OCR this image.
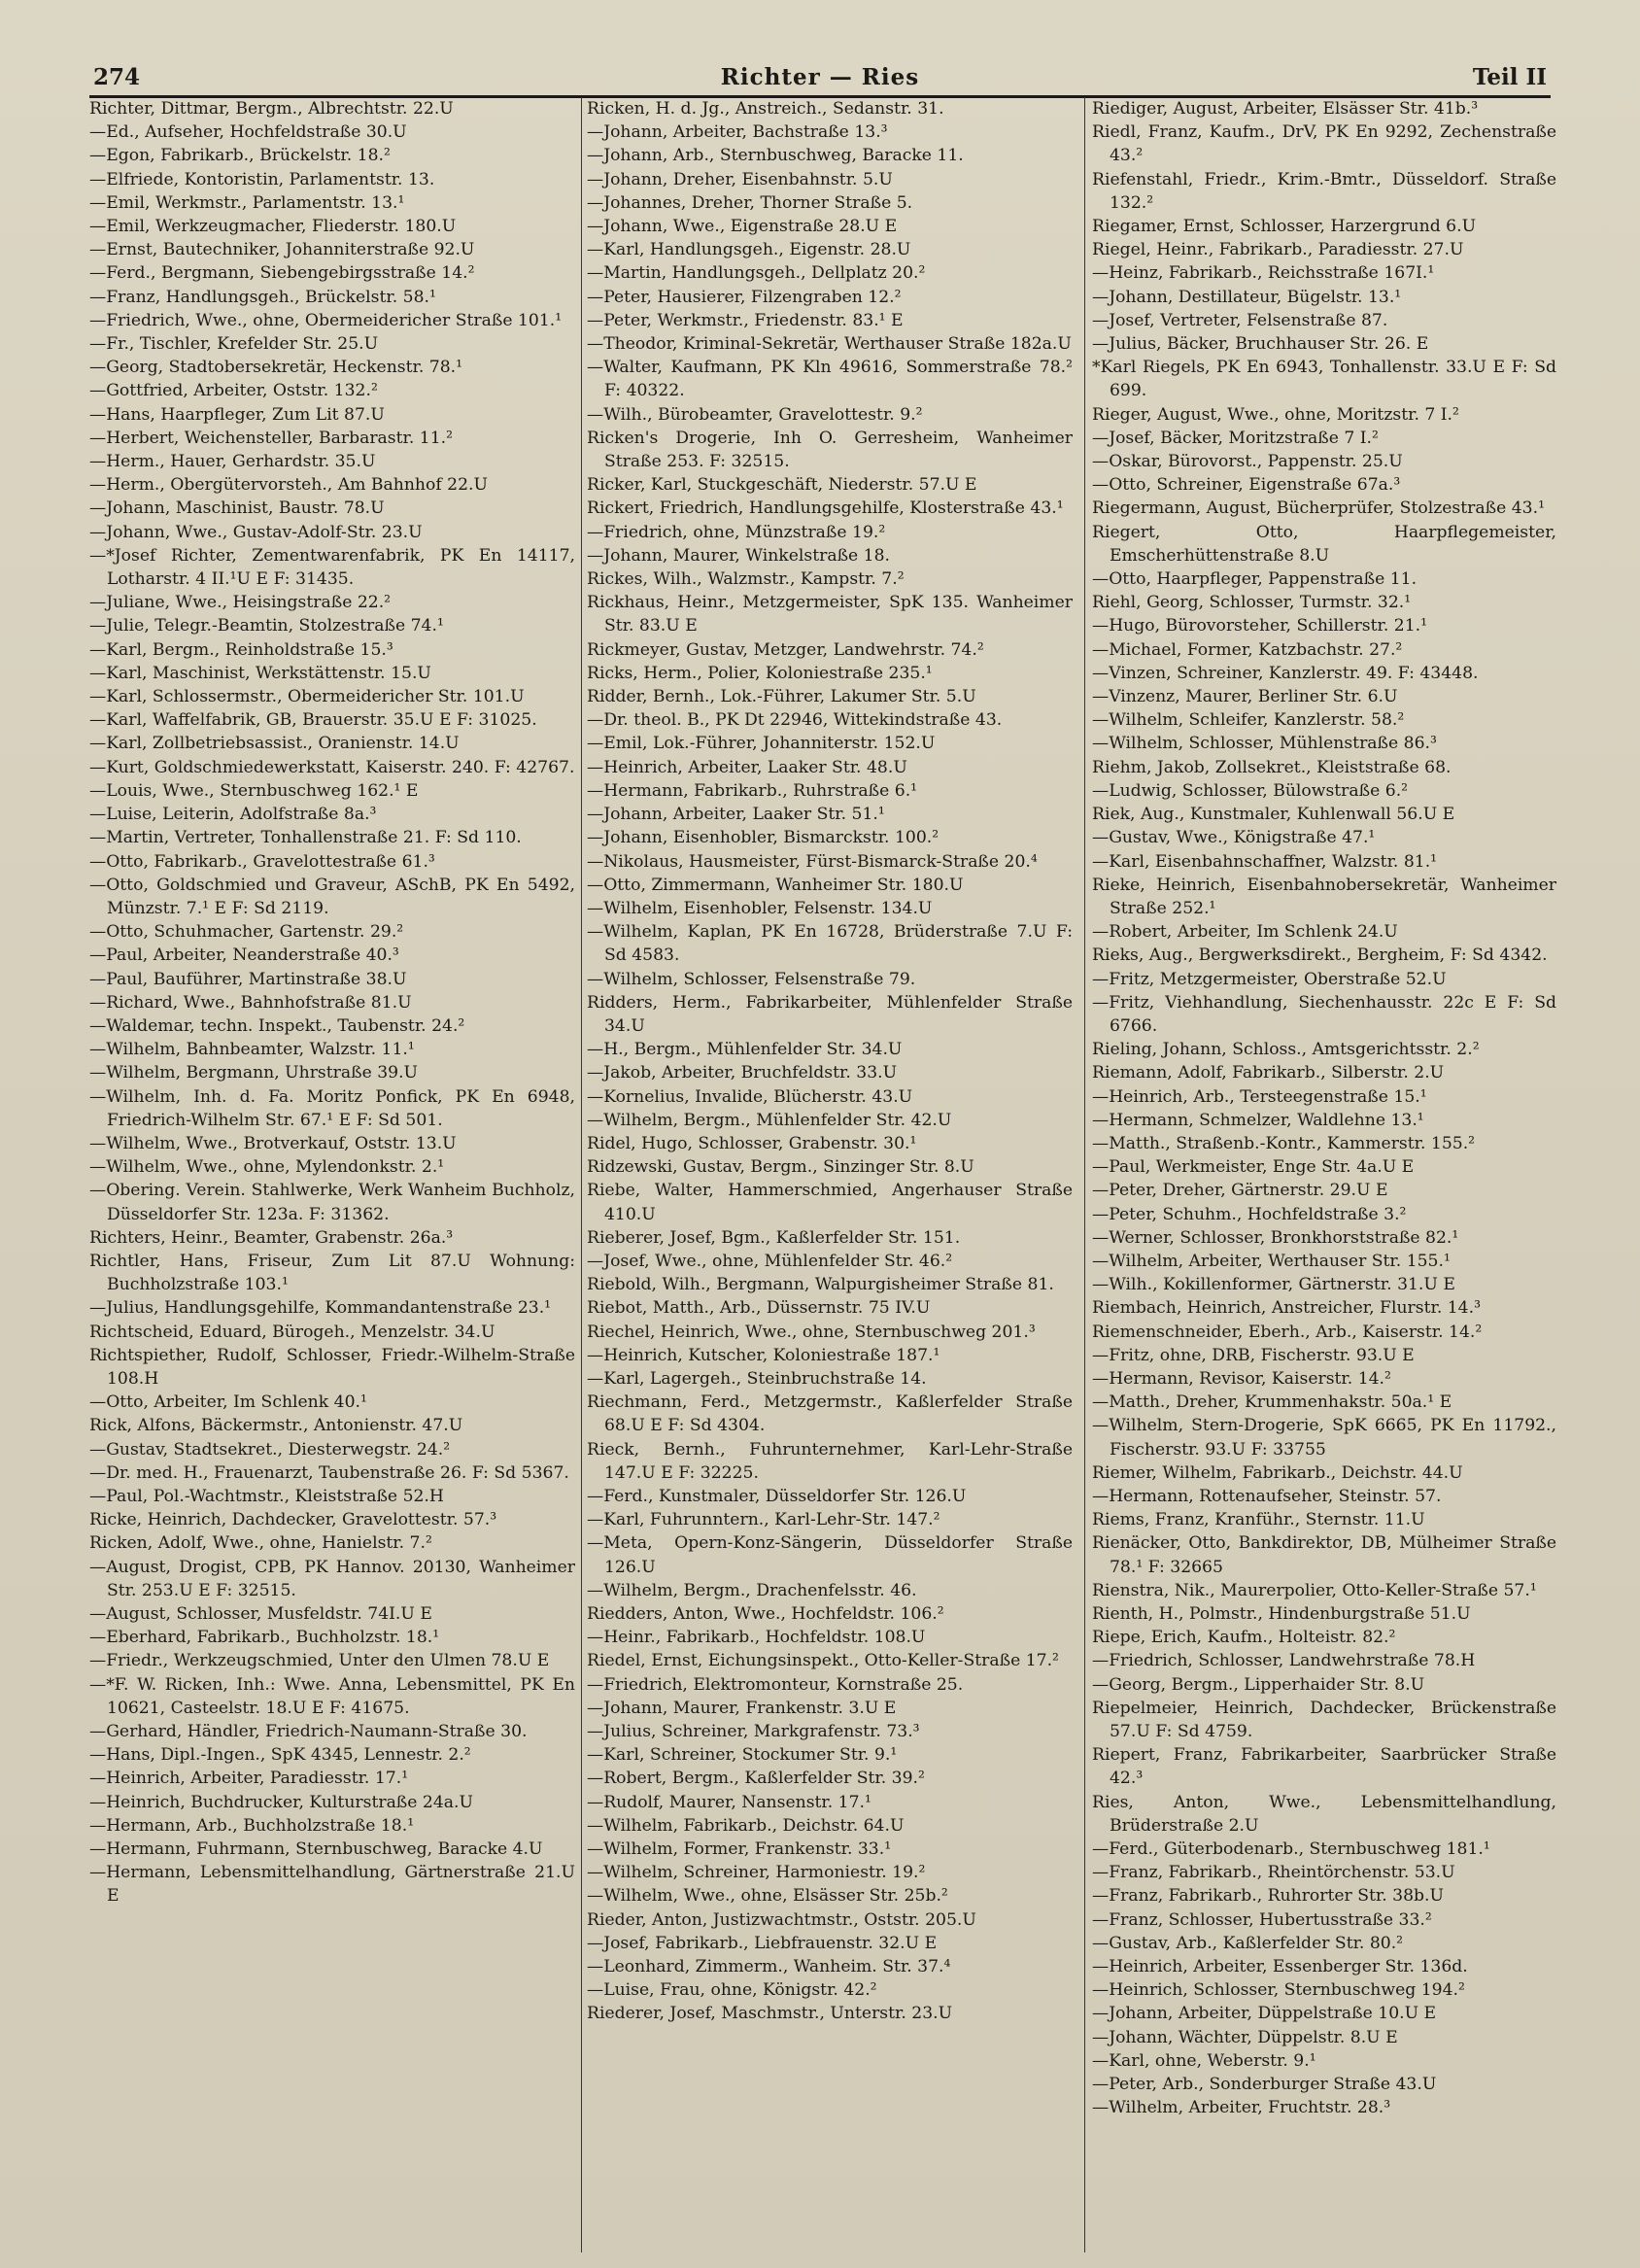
274	Richter — Ries	Teil II

Richter, Dittmar, Bergm., Albrechtstr. 22.U

—Ed., Aufseher, Hochfeldstraße 30.U

—Egon, Fabrikarb., Brückelstr. 18.²

—Elfriede, Kontoristin, Parlamentstr. 13.

—Emil, Werkmstr., Parlamentstr. 13.¹

—Emil, Werkzeugmacher, Fliederstr. 180.U

—Ernst, Bautechniker, Johanniterstraße 92.U

—Ferd., Bergmann, Siebengebirgsstraße 14.²

—Franz, Handlungsgeh., Brückelstr. 58.¹

—Friedrich, Wwe., ohne, Obermeidericher Straße 101.¹

—Fr., Tischler, Krefelder Str. 25.U

—Georg, Stadtobersekretär, Heckenstr. 78.¹

—Gottfried, Arbeiter, Oststr. 132.²

—Hans, Haarpfleger, Zum Lit 87.U

—Herbert, Weichensteller, Barbarastr. 11.²

—Herm., Hauer, Gerhardstr. 35.U

—Herm., Obergütervorsteh., Am Bahnhof 22.U

—Johann, Maschinist, Baustr. 78.U

—Johann, Wwe., Gustav-Adolf-Str. 23.U

—*Josef Richter, Zementwarenfabrik, PK En 14117, Lotharstr. 4 II.¹U E F: 31435.

—Juliane, Wwe., Heisingstraße 22.²

—Julie, Telegr.-Beamtin, Stolzestraße 74.¹

—Karl, Bergm., Reinholdstraße 15.³

—Karl, Maschinist, Werkstättenstr. 15.U

—Karl, Schlossermstr., Obermeidericher Str. 101.U

—Karl, Waffelfabrik, GB, Brauerstr. 35.U E F: 31025.

—Karl, Zollbetriebsassist., Oranienstr. 14.U

—Kurt, Goldschmiedewerkstatt, Kaiserstr. 240. F: 42767.

—Louis, Wwe., Sternbuschweg 162.¹ E

—Luise, Leiterin, Adolfstraße 8a.³

—Martin, Vertreter, Tonhallenstraße 21. F: Sd 110.

—Otto, Fabrikarb., Gravelottestraße 61.³

—Otto, Goldschmied und Graveur, ASchB, PK En 5492, Münzstr. 7.¹ E F: Sd 2119.

—Otto, Schuhmacher, Gartenstr. 29.²

—Paul, Arbeiter, Neanderstraße 40.³

—Paul, Bauführer, Martinstraße 38.U

—Richard, Wwe., Bahnhofstraße 81.U

—Waldemar, techn. Inspekt., Taubenstr. 24.²

—Wilhelm, Bahnbeamter, Walzstr. 11.¹

—Wilhelm, Bergmann, Uhrstraße 39.U

—Wilhelm, Inh. d. Fa. Moritz Ponfick, PK En 6948, Friedrich-Wilhelm Str. 67.¹ E F: Sd 501.

—Wilhelm, Wwe., Brotverkauf, Oststr. 13.U

—Wilhelm, Wwe., ohne, Mylendonkstr. 2.¹

—Obering. Verein. Stahlwerke, Werk Wanheim Buchholz, Düsseldorfer Str. 123a. F: 31362.

Richters, Heinr., Beamter, Grabenstr. 26a.³

Richtler, Hans, Friseur, Zum Lit 87.U Wohnung: Buchholzstraße 103.¹

—Julius, Handlungsgehilfe, Kommandantenstraße 23.¹

Richtscheid, Eduard, Bürogeh., Menzelstr. 34.U

Richtspiether, Rudolf, Schlosser, Friedr.-Wilhelm-Straße 108.H

—Otto, Arbeiter, Im Schlenk 40.¹

Rick, Alfons, Bäckermstr., Antonienstr. 47.U

—Gustav, Stadtsekret., Diesterwegstr. 24.²

—Dr. med. H., Frauenarzt, Taubenstraße 26. F: Sd 5367.

—Paul, Pol.-Wachtmstr., Kleiststraße 52.H

Ricke, Heinrich, Dachdecker, Gravelottestr. 57.³

Ricken, Adolf, Wwe., ohne, Hanielstr. 7.²

—August, Drogist, CPB, PK Hannov. 20130, Wanheimer Str. 253.U E F: 32515.

—August, Schlosser, Musfeldstr. 74I.U E

—Eberhard, Fabrikarb., Buchholzstr. 18.¹

—Friedr., Werkzeugschmied, Unter den Ulmen 78.U E

—*F. W. Ricken, Inh.: Wwe. Anna, Lebensmittel, PK En 10621, Casteelstr. 18.U E F: 41675.

—Gerhard, Händler, Friedrich-Naumann-Straße 30.

—Hans, Dipl.-Ingen., SpK 4345, Lennestr. 2.²

—Heinrich, Arbeiter, Paradiesstr. 17.¹

—Heinrich, Buchdrucker, Kulturstraße 24a.U

—Hermann, Arb., Buchholzstraße 18.¹

—Hermann, Fuhrmann, Sternbuschweg, Baracke 4.U

—Hermann, Lebensmittelhandlung, Gärtnerstraße 21.U E

Ricken, H. d. Jg., Anstreich., Sedanstr. 31.

—Johann, Arbeiter, Bachstraße 13.³

—Johann, Arb., Sternbuschweg, Baracke 11.

—Johann, Dreher, Eisenbahnstr. 5.U

—Johannes, Dreher, Thorner Straße 5.

—Johann, Wwe., Eigenstraße 28.U E

—Karl, Handlungsgeh., Eigenstr. 28.U

—Martin, Handlungsgeh., Dellplatz 20.²

—Peter, Hausierer, Filzengraben 12.²

—Peter, Werkmstr., Friedenstr. 83.¹ E

—Theodor, Kriminal-Sekretär, Werthauser Straße 182a.U

—Walter, Kaufmann, PK Kln 49616, Sommerstraße 78.² F: 40322.

—Wilh., Bürobeamter, Gravelottestr. 9.²

Ricken's Drogerie, Inh O. Gerresheim, Wanheimer Straße 253. F: 32515.

Ricker, Karl, Stuckgeschäft, Niederstr. 57.U E

Rickert, Friedrich, Handlungsgehilfe, Klosterstraße 43.¹

—Friedrich, ohne, Münzstraße 19.²

—Johann, Maurer, Winkelstraße 18.

Rickes, Wilh., Walzmstr., Kampstr. 7.²

Rickhaus, Heinr., Metzgermeister, SpK 135. Wanheimer Str. 83.U E

Rickmeyer, Gustav, Metzger, Landwehrstr. 74.²

Ricks, Herm., Polier, Koloniestraße 235.¹

Ridder, Bernh., Lok.-Führer, Lakumer Str. 5.U

—Dr. theol. B., PK Dt 22946, Wittekindstraße 43.

—Emil, Lok.-Führer, Johanniterstr. 152.U

—Heinrich, Arbeiter, Laaker Str. 48.U

—Hermann, Fabrikarb., Ruhrstraße 6.¹

—Johann, Arbeiter, Laaker Str. 51.¹

—Johann, Eisenhobler, Bismarckstr. 100.²

—Nikolaus, Hausmeister, Fürst-Bismarck-Straße 20.⁴

—Otto, Zimmermann, Wanheimer Str. 180.U

—Wilhelm, Eisenhobler, Felsenstr. 134.U

—Wilhelm, Kaplan, PK En 16728, Brüderstraße 7.U F: Sd 4583.

—Wilhelm, Schlosser, Felsenstraße 79.

Ridders, Herm., Fabrikarbeiter, Mühlenfelder Straße 34.U

—H., Bergm., Mühlenfelder Str. 34.U

—Jakob, Arbeiter, Bruchfeldstr. 33.U

—Kornelius, Invalide, Blücherstr. 43.U

—Wilhelm, Bergm., Mühlenfelder Str. 42.U

Ridel, Hugo, Schlosser, Grabenstr. 30.¹

Ridzewski, Gustav, Bergm., Sinzinger Str. 8.U

Riebe, Walter, Hammerschmied, Angerhauser Straße 410.U

Rieberer, Josef, Bgm., Kaßlerfelder Str. 151.

—Josef, Wwe., ohne, Mühlenfelder Str. 46.²

Riebold, Wilh., Bergmann, Walpurgisheimer Straße 81.

Riebot, Matth., Arb., Düssernstr. 75 IV.U

Riechel, Heinrich, Wwe., ohne, Sternbuschweg 201.³

—Heinrich, Kutscher, Koloniestraße 187.¹

—Karl, Lagergeh., Steinbruchstraße 14.

Riechmann, Ferd., Metzgermstr., Kaßlerfelder Straße 68.U E F: Sd 4304.

Rieck, Bernh., Fuhrunternehmer, Karl-Lehr-Straße 147.U E F: 32225.

—Ferd., Kunstmaler, Düsseldorfer Str. 126.U

—Karl, Fuhrunntern., Karl-Lehr-Str. 147.²

—Meta, Opern-Konz-Sängerin, Düsseldorfer Straße 126.U

—Wilhelm, Bergm., Drachenfelsstr. 46.

Riedders, Anton, Wwe., Hochfeldstr. 106.²

—Heinr., Fabrikarb., Hochfeldstr. 108.U

Riedel, Ernst, Eichungsinspekt., Otto-Keller-Straße 17.²

—Friedrich, Elektromonteur, Kornstraße 25.

—Johann, Maurer, Frankenstr. 3.U E

—Julius, Schreiner, Markgrafenstr. 73.³

—Karl, Schreiner, Stockumer Str. 9.¹

—Robert, Bergm., Kaßlerfelder Str. 39.²

—Rudolf, Maurer, Nansenstr. 17.¹

—Wilhelm, Fabrikarb., Deichstr. 64.U

—Wilhelm, Former, Frankenstr. 33.¹

—Wilhelm, Schreiner, Harmoniestr. 19.²

—Wilhelm, Wwe., ohne, Elsässer Str. 25b.²

Rieder, Anton, Justizwachtmstr., Oststr. 205.U

—Josef, Fabrikarb., Liebfrauenstr. 32.U E

—Leonhard, Zimmerm., Wanheim. Str. 37.⁴

—Luise, Frau, ohne, Königstr. 42.²

Riederer, Josef, Maschmstr., Unterstr. 23.U

Riediger, August, Arbeiter, Elsässer Str. 41b.³

Riedl, Franz, Kaufm., DrV, PK En 9292, Zechenstraße 43.²

Riefenstahl, Friedr., Krim.-Bmtr., Düsseldorf. Straße 132.²

Riegamer, Ernst, Schlosser, Harzergrund 6.U

Riegel, Heinr., Fabrikarb., Paradiesstr. 27.U

—Heinz, Fabrikarb., Reichsstraße 167I.¹

—Johann, Destillateur, Bügelstr. 13.¹

—Josef, Vertreter, Felsenstraße 87.

—Julius, Bäcker, Bruchhauser Str. 26. E

*Karl Riegels, PK En 6943, Tonhallenstr. 33.U E F: Sd 699.

Rieger, August, Wwe., ohne, Moritzstr. 7 I.²

—Josef, Bäcker, Moritzstraße 7 I.²

—Oskar, Bürovorst., Pappenstr. 25.U

—Otto, Schreiner, Eigenstraße 67a.³

Riegermann, August, Bücherprüfer, Stolzestraße 43.¹

Riegert, Otto, Haarpflegemeister, Emscherhüttenstraße 8.U

—Otto, Haarpfleger, Pappenstraße 11.

Riehl, Georg, Schlosser, Turmstr. 32.¹

—Hugo, Bürovorsteher, Schillerstr. 21.¹

—Michael, Former, Katzbachstr. 27.²

—Vinzen, Schreiner, Kanzlerstr. 49. F: 43448.

—Vinzenz, Maurer, Berliner Str. 6.U

—Wilhelm, Schleifer, Kanzlerstr. 58.²

—Wilhelm, Schlosser, Mühlenstraße 86.³

Riehm, Jakob, Zollsekret., Kleiststraße 68.

—Ludwig, Schlosser, Bülowstraße 6.²

Riek, Aug., Kunstmaler, Kuhlenwall 56.U E

—Gustav, Wwe., Königstraße 47.¹

—Karl, Eisenbahnschaffner, Walzstr. 81.¹

Rieke, Heinrich, Eisenbahnobersekretär, Wanheimer Straße 252.¹

—Robert, Arbeiter, Im Schlenk 24.U

Rieks, Aug., Bergwerksdirekt., Bergheim, F: Sd 4342.

—Fritz, Metzgermeister, Oberstraße 52.U

—Fritz, Viehhandlung, Siechenhausstr. 22c E F: Sd 6766.

Rieling, Johann, Schloss., Amtsgerichtsstr. 2.²

Riemann, Adolf, Fabrikarb., Silberstr. 2.U

—Heinrich, Arb., Tersteegenstraße 15.¹

—Hermann, Schmelzer, Waldlehne 13.¹

—Matth., Straßenb.-Kontr., Kammerstr. 155.²

—Paul, Werkmeister, Enge Str. 4a.U E

—Peter, Dreher, Gärtnerstr. 29.U E

—Peter, Schuhm., Hochfeldstraße 3.²

—Werner, Schlosser, Bronkhorststraße 82.¹

—Wilhelm, Arbeiter, Werthauser Str. 155.¹

—Wilh., Kokillenformer, Gärtnerstr. 31.U E

Riembach, Heinrich, Anstreicher, Flurstr. 14.³

Riemenschneider, Eberh., Arb., Kaiserstr. 14.²

—Fritz, ohne, DRB, Fischerstr. 93.U E

—Hermann, Revisor, Kaiserstr. 14.²

—Matth., Dreher, Krummenhakstr. 50a.¹ E

—Wilhelm, Stern-Drogerie, SpK 6665, PK En 11792., Fischerstr. 93.U F: 33755

Riemer, Wilhelm, Fabrikarb., Deichstr. 44.U

—Hermann, Rottenaufseher, Steinstr. 57.

Riems, Franz, Kranführ., Sternstr. 11.U

Rienäcker, Otto, Bankdirektor, DB, Mülheimer Straße 78.¹ F: 32665

Rienstra, Nik., Maurerpolier, Otto-Keller-Straße 57.¹

Rienth, H., Polmstr., Hindenburgstraße 51.U

Riepe, Erich, Kaufm., Holteistr. 82.²

—Friedrich, Schlosser, Landwehrstraße 78.H

—Georg, Bergm., Lipperhaider Str. 8.U

Riepelmeier, Heinrich, Dachdecker, Brückenstraße 57.U F: Sd 4759.

Riepert, Franz, Fabrikarbeiter, Saarbrücker Straße 42.³

Ries, Anton, Wwe., Lebensmittelhandlung, Brüderstraße 2.U

—Ferd., Güterbodenarb., Sternbuschweg 181.¹

—Franz, Fabrikarb., Rheintörchenstr. 53.U

—Franz, Fabrikarb., Ruhrorter Str. 38b.U

—Franz, Schlosser, Hubertusstraße 33.²

—Gustav, Arb., Kaßlerfelder Str. 80.²

—Heinrich, Arbeiter, Essenberger Str. 136d.

—Heinrich, Schlosser, Sternbuschweg 194.²

—Johann, Arbeiter, Düppelstraße 10.U E

—Johann, Wächter, Düppelstr. 8.U E

—Karl, ohne, Weberstr. 9.¹

—Peter, Arb., Sonderburger Straße 43.U

—Wilhelm, Arbeiter, Fruchtstr. 28.³
